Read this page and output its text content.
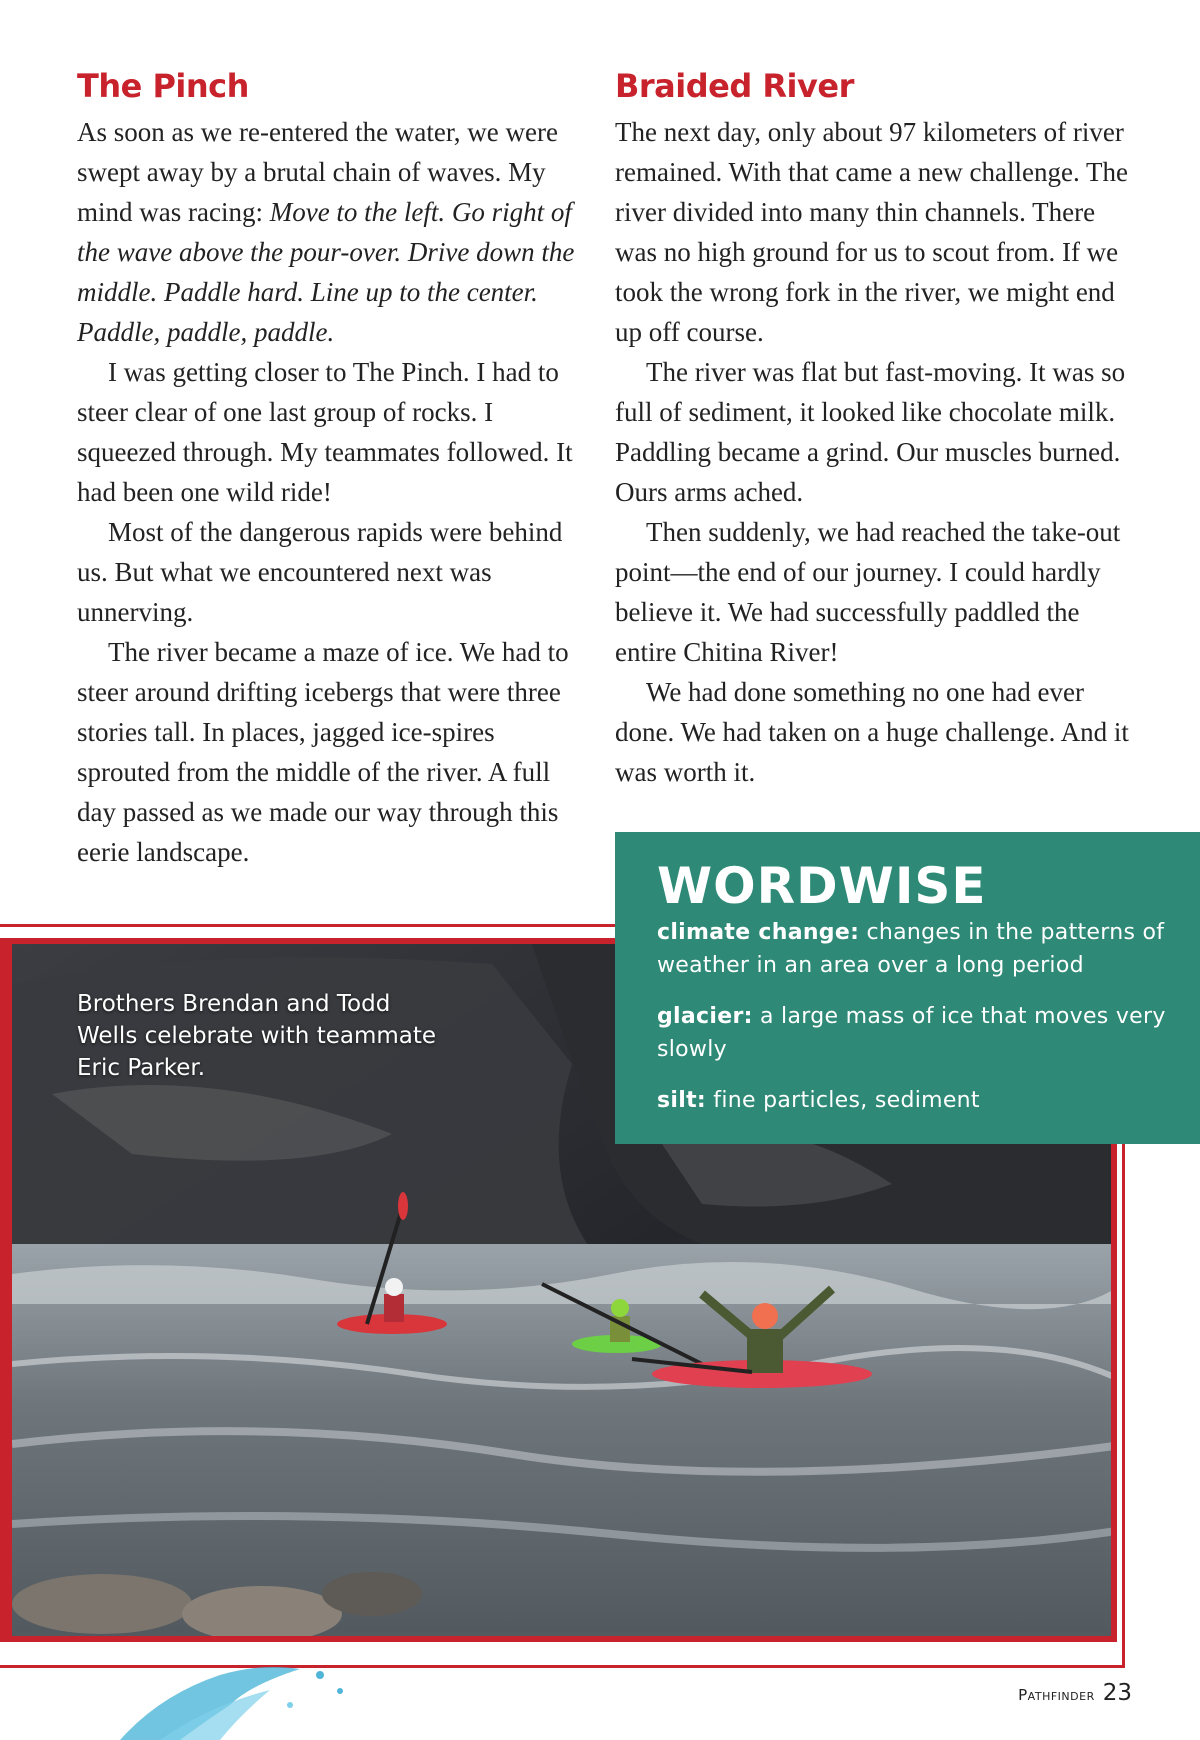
The Pinch

As soon as we re-entered the water, we were swept away by a brutal chain of waves. My mind was racing: Move to the left. Go right of the wave above the pour-over. Drive down the middle. Paddle hard. Line up to the center. Paddle, paddle, paddle.

I was getting closer to The Pinch. I had to steer clear of one last group of rocks. I squeezed through. My teammates followed. It had been one wild ride!

Most of the dangerous rapids were behind us. But what we encountered next was unnerving.

The river became a maze of ice. We had to steer around drifting icebergs that were three stories tall. In places, jagged ice-spires sprouted from the middle of the river. A full day passed as we made our way through this eerie landscape.

Braided River

The next day, only about 97 kilometers of river remained. With that came a new challenge. The river divided into many thin channels. There was no high ground for us to scout from. If we took the wrong fork in the river, we might end up off course.

The river was flat but fast-moving. It was so full of sediment, it looked like chocolate milk. Paddling became a grind. Our muscles burned. Ours arms ached.

Then suddenly, we had reached the take-out point—the end of our journey. I could hardly believe it. We had successfully paddled the entire Chitina River!

We had done something no one had ever done. We had taken on a huge challenge. And it was worth it.

Brothers Brendan and Todd Wells celebrate with teammate Eric Parker.
WORDWISE
climate change: changes in the patterns of weather in an area over a long period
glacier: a large mass of ice that moves very slowly
silt: fine particles, sediment
Pathfinder 23
